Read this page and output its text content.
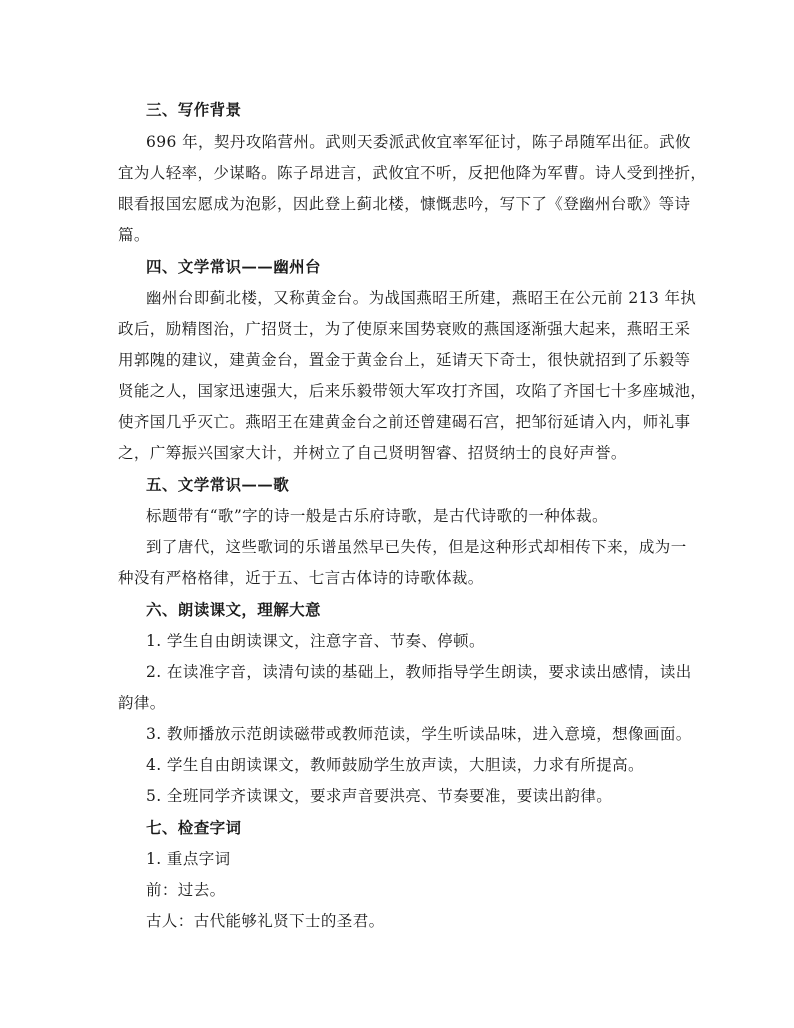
三、写作背景
696 年，契丹攻陷营州。武则天委派武攸宜率军征讨，陈子昂随军出征。武攸
宜为人轻率，少谋略。陈子昂进言，武攸宜不听，反把他降为军曹。诗人受到挫折，
眼看报国宏愿成为泡影，因此登上蓟北楼，慷慨悲吟，写下了《登幽州台歌》等诗
篇。
四、文学常识——幽州台
幽州台即蓟北楼，又称黄金台。为战国燕昭王所建，燕昭王在公元前 213 年执
政后，励精图治，广招贤士，为了使原来国势衰败的燕国逐渐强大起来，燕昭王采
用郭隗的建议，建黄金台，置金于黄金台上，延请天下奇士，很快就招到了乐毅等
贤能之人，国家迅速强大，后来乐毅带领大军攻打齐国，攻陷了齐国七十多座城池，
使齐国几乎灭亡。燕昭王在建黄金台之前还曾建碣石宫，把邹衍延请入内，师礼事
之，广筹振兴国家大计，并树立了自己贤明智睿、招贤纳士的良好声誉。
五、文学常识——歌
标题带有“歌”字的诗一般是古乐府诗歌，是古代诗歌的一种体裁。
到了唐代，这些歌词的乐谱虽然早已失传，但是这种形式却相传下来，成为一
种没有严格格律，近于五、七言古体诗的诗歌体裁。
六、朗读课文，理解大意
1. 学生自由朗读课文，注意字音、节奏、停顿。
2. 在读准字音，读清句读的基础上，教师指导学生朗读，要求读出感情，读出
韵律。
3. 教师播放示范朗读磁带或教师范读，学生听读品味，进入意境，想像画面。
4. 学生自由朗读课文，教师鼓励学生放声读，大胆读，力求有所提高。
5. 全班同学齐读课文，要求声音要洪亮、节奏要准，要读出韵律。
七、检查字词
1. 重点字词
前：过去。
古人：古代能够礼贤下士的圣君。
